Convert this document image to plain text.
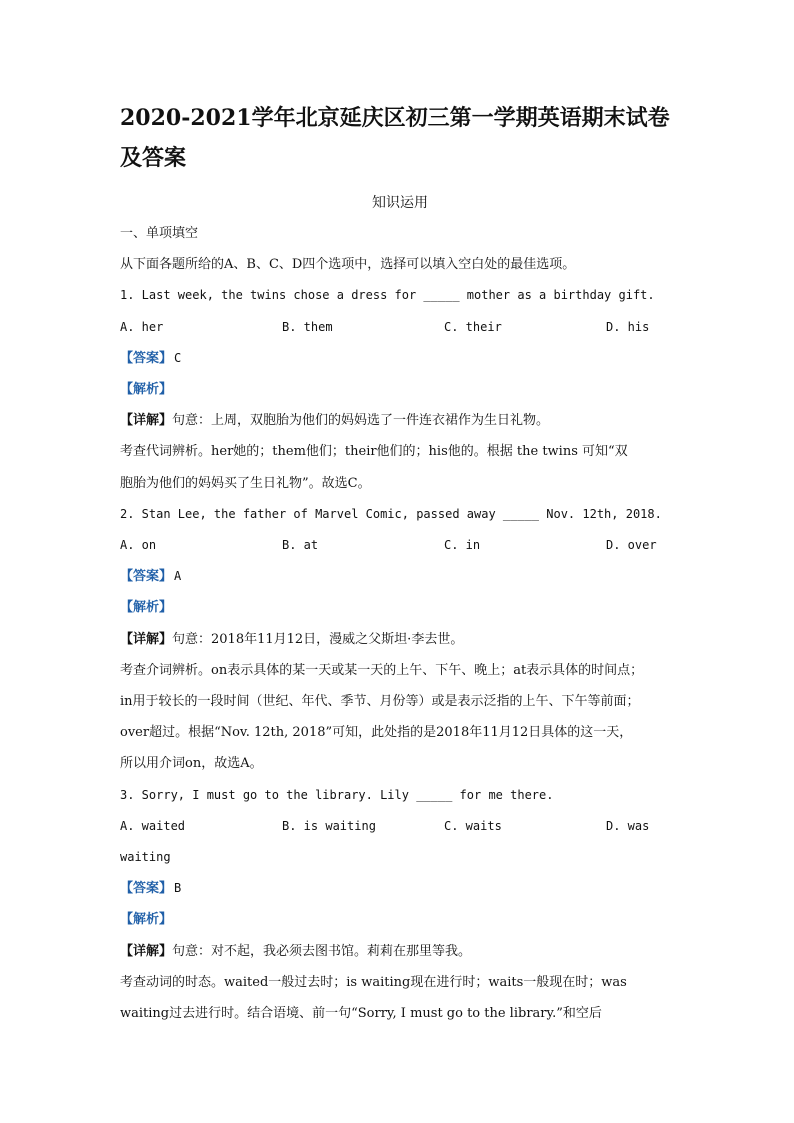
2020-2021学年北京延庆区初三第一学期英语期末试卷及答案
知识运用
一、单项填空
从下面各题所给的A、B、C、D四个选项中，选择可以填入空白处的最佳选项。
1. Last week, the twins chose a dress for _____ mother as a birthday gift.
A. her	B. them	C. their	D. his
【答案】 C
【解析】
【详解】句意：上周，双胞胎为他们的妈妈选了一件连衣裙作为生日礼物。
考查代词辨析。her她的；them他们；their他们的；his他的。根据 the twins 可知“双
胞胎为他们的妈妈买了生日礼物”。故选C。
2. Stan Lee, the father of Marvel Comic, passed away _____ Nov. 12th, 2018.
A. on	B. at	C. in	D. over
【答案】 A
【解析】
【详解】句意：2018年11月12日，漫威之父斯坦·李去世。
考查介词辨析。on表示具体的某一天或某一天的上午、下午、晚上；at表示具体的时间点；
in用于较长的一段时间（世纪、年代、季节、月份等）或是表示泛指的上午、下午等前面；
over超过。根据“Nov. 12th, 2018”可知，此处指的是2018年11月12日具体的这一天，
所以用介词on，故选A。
3. Sorry, I must go to the library. Lily _____ for me there.
A. waited	B. is waiting	C. waits	D. was
waiting
【答案】 B
【解析】
【详解】句意：对不起，我必须去图书馆。莉莉在那里等我。
考查动词的时态。waited一般过去时；is waiting现在进行时；waits一般现在时；was
waiting过去进行时。结合语境、前一句“Sorry, I must go to the library.”和空后
